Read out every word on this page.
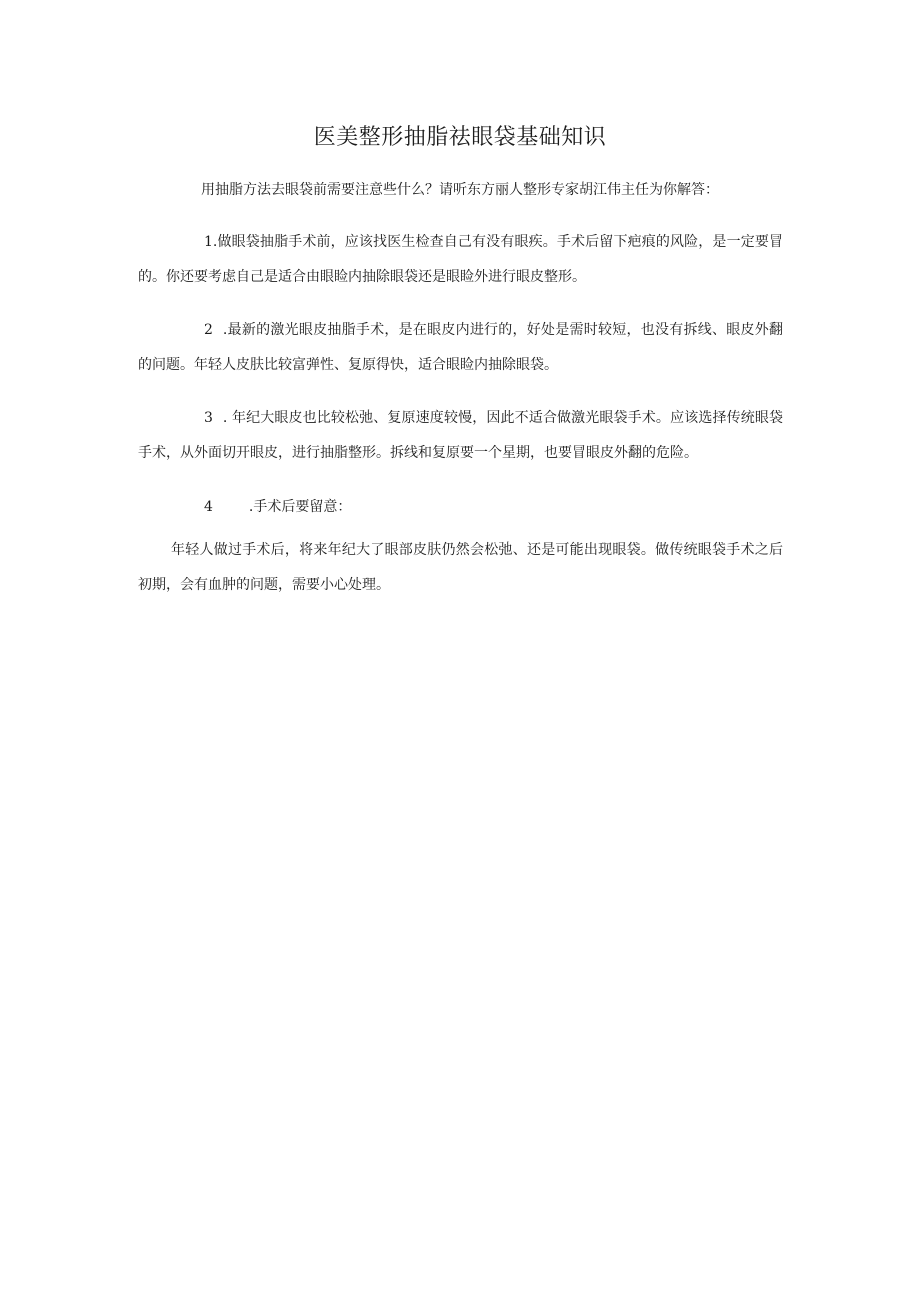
医美整形抽脂祛眼袋基础知识

用抽脂方法去眼袋前需要注意些什么？请听东方丽人整形专家胡江伟主任为你解答：

1.做眼袋抽脂手术前，应该找医生检查自己有没有眼疾。手术后留下疤痕的风险，是一定要冒的。你还要考虑自己是适合由眼睑内抽除眼袋还是眼睑外进行眼皮整形。

2 .最新的激光眼皮抽脂手术，是在眼皮内进行的，好处是需时较短，也没有拆线、眼皮外翻的问题。年轻人皮肤比较富弹性、复原得快，适合眼睑内抽除眼袋。

3 . 年纪大眼皮也比较松弛、复原速度较慢，因此不适合做激光眼袋手术。应该选择传统眼袋手术，从外面切开眼皮，进行抽脂整形。拆线和复原要一个星期，也要冒眼皮外翻的危险。

4	.手术后要留意：

年轻人做过手术后，将来年纪大了眼部皮肤仍然会松弛、还是可能出现眼袋。做传统眼袋手术之后初期，会有血肿的问题，需要小心处理。
